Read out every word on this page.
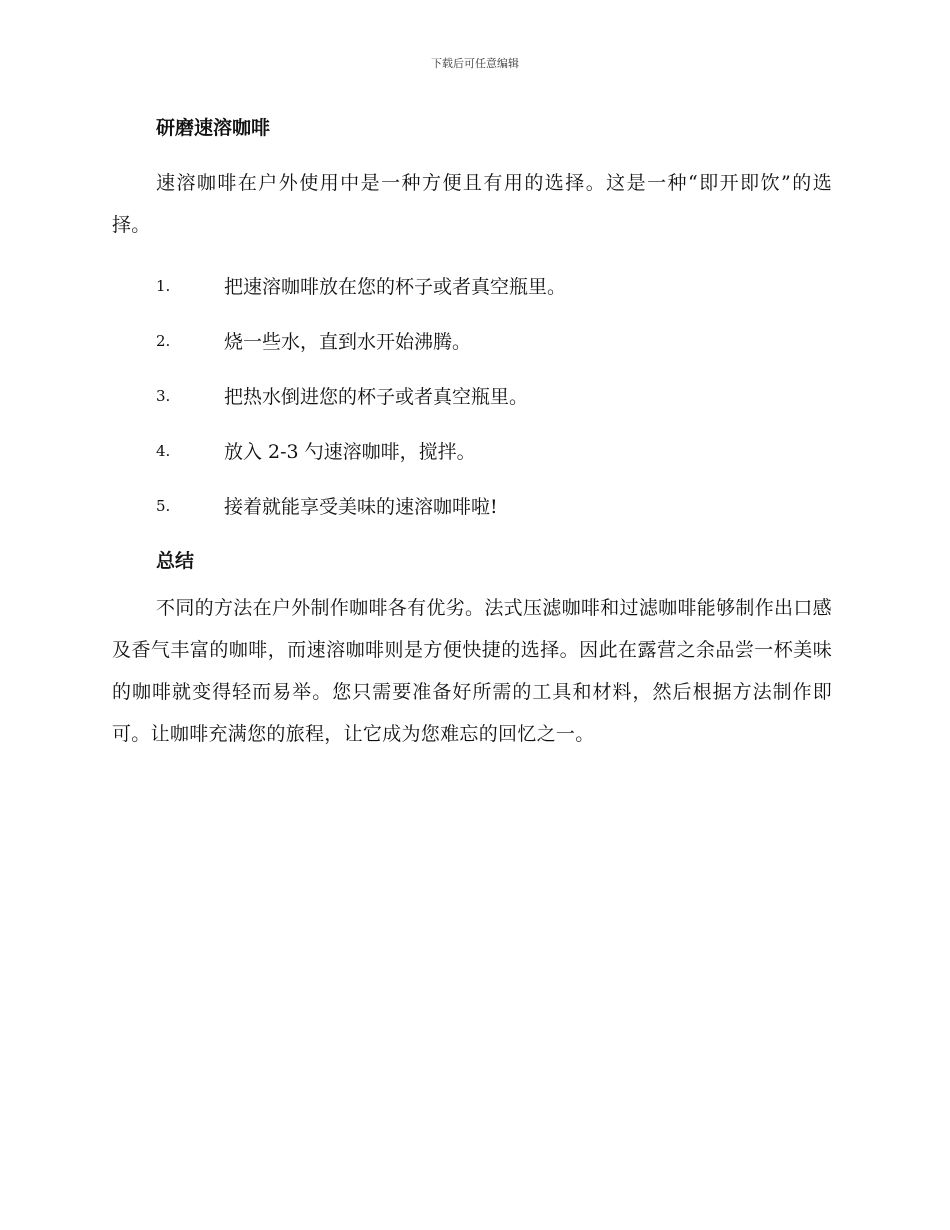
下载后可任意编辑
研磨速溶咖啡

速溶咖啡在户外使用中是一种方便且有用的选择。这是一种“即开即饮”的选择。

1.	把速溶咖啡放在您的杯子或者真空瓶里。
2.	烧一些水，直到水开始沸腾。
3.	把热水倒进您的杯子或者真空瓶里。
4.	放入 2-3 勺速溶咖啡，搅拌。
5.	接着就能享受美味的速溶咖啡啦!
总结

不同的方法在户外制作咖啡各有优劣。法式压滤咖啡和过滤咖啡能够制作出口感及香气丰富的咖啡，而速溶咖啡则是方便快捷的选择。因此在露营之余品尝一杯美味的咖啡就变得轻而易举。您只需要准备好所需的工具和材料，然后根据方法制作即可。让咖啡充满您的旅程，让它成为您难忘的回忆之一。
